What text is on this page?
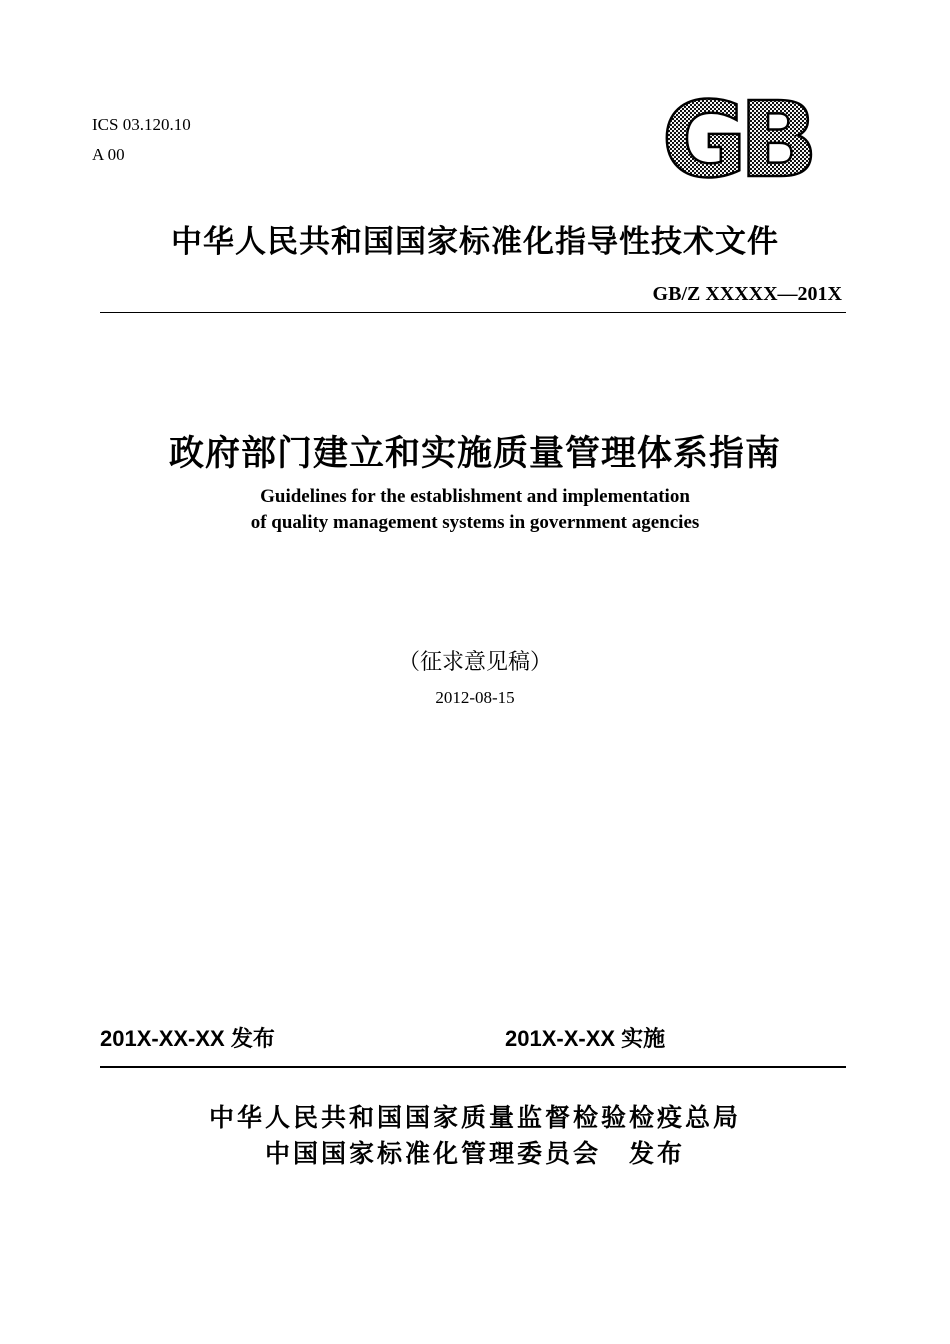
ICS 03.120.10
A 00	GB
中华人民共和国国家标准化指导性技术文件
GB/Z XXXXX—201X
政府部门建立和实施质量管理体系指南
Guidelines for the establishment and implementation
of quality management systems in government agencies
（征求意见稿）
2012-08-15
201X-XX-XX 发布	201X-X-XX 实施
中华人民共和国国家质量监督检验检疫总局
中国国家标准化管理委员会　发布
